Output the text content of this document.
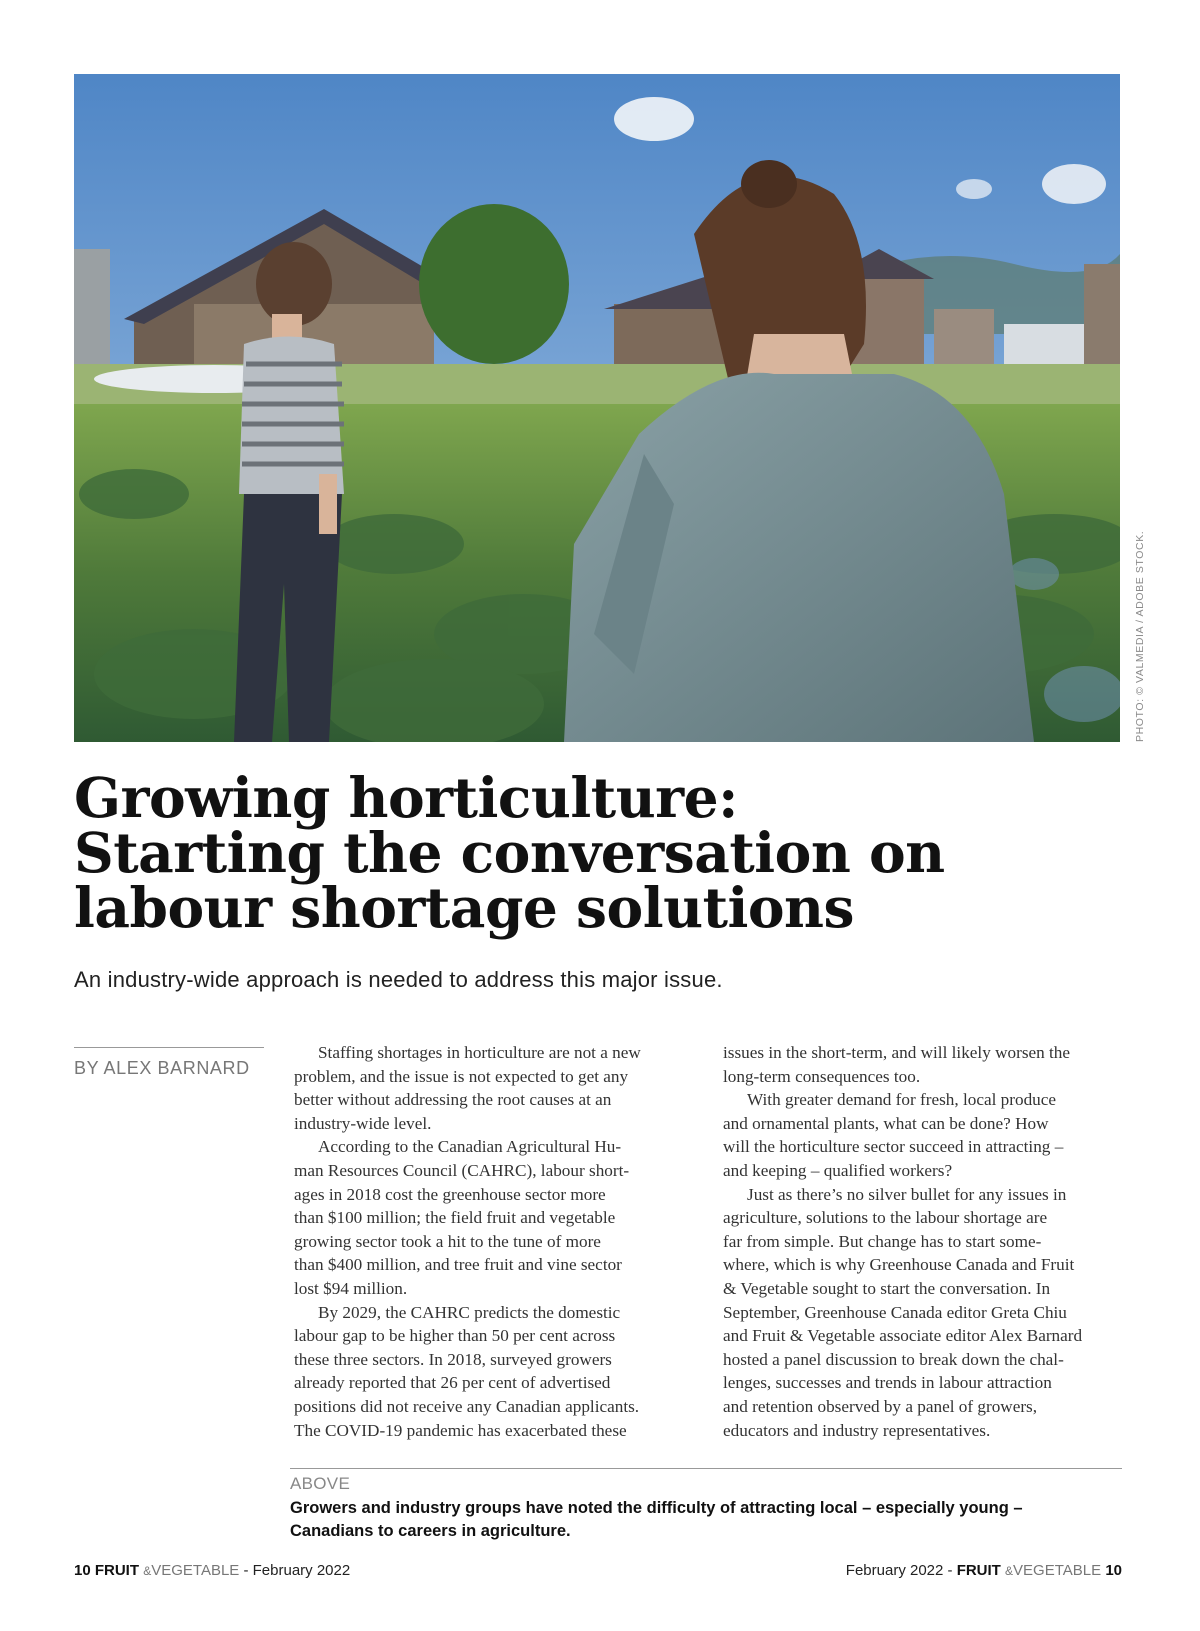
PHOTO: © VALMEDIA / ADOBE STOCK.
Growing horticulture:
Starting the conversation on
labour shortage solutions

An industry-wide approach is needed to address this major issue.

BY ALEX BARNARD
Staffing shortages in horticulture are not a new
problem, and the issue is not expected to get any
better without addressing the root causes at an
industry-wide level.
According to the Canadian Agricultural Hu-
man Resources Council (CAHRC), labour short-
ages in 2018 cost the greenhouse sector more
than $100 million; the field fruit and vegetable
growing sector took a hit to the tune of more
than $400 million, and tree fruit and vine sector
lost $94 million.
By 2029, the CAHRC predicts the domestic
labour gap to be higher than 50 per cent across
these three sectors. In 2018, surveyed growers
already reported that 26 per cent of advertised
positions did not receive any Canadian applicants.
The COVID-19 pandemic has exacerbated these
issues in the short-term, and will likely worsen the
long-term consequences too.
With greater demand for fresh, local produce
and ornamental plants, what can be done? How
will the horticulture sector succeed in attracting –
and keeping – qualified workers?
Just as there’s no silver bullet for any issues in
agriculture, solutions to the labour shortage are
far from simple. But change has to start some-
where, which is why Greenhouse Canada and Fruit
& Vegetable sought to start the conversation. In
September, Greenhouse Canada editor Greta Chiu
and Fruit & Vegetable associate editor Alex Barnard
hosted a panel discussion to break down the chal-
lenges, successes and trends in labour attraction
and retention observed by a panel of growers,
educators and industry representatives.
ABOVE
Growers and industry groups have noted the difficulty of attracting local – especially young –
Canadians to careers in agriculture.
10 FRUIT &VEGETABLE - February 2022	February 2022 - FRUIT &VEGETABLE 10
